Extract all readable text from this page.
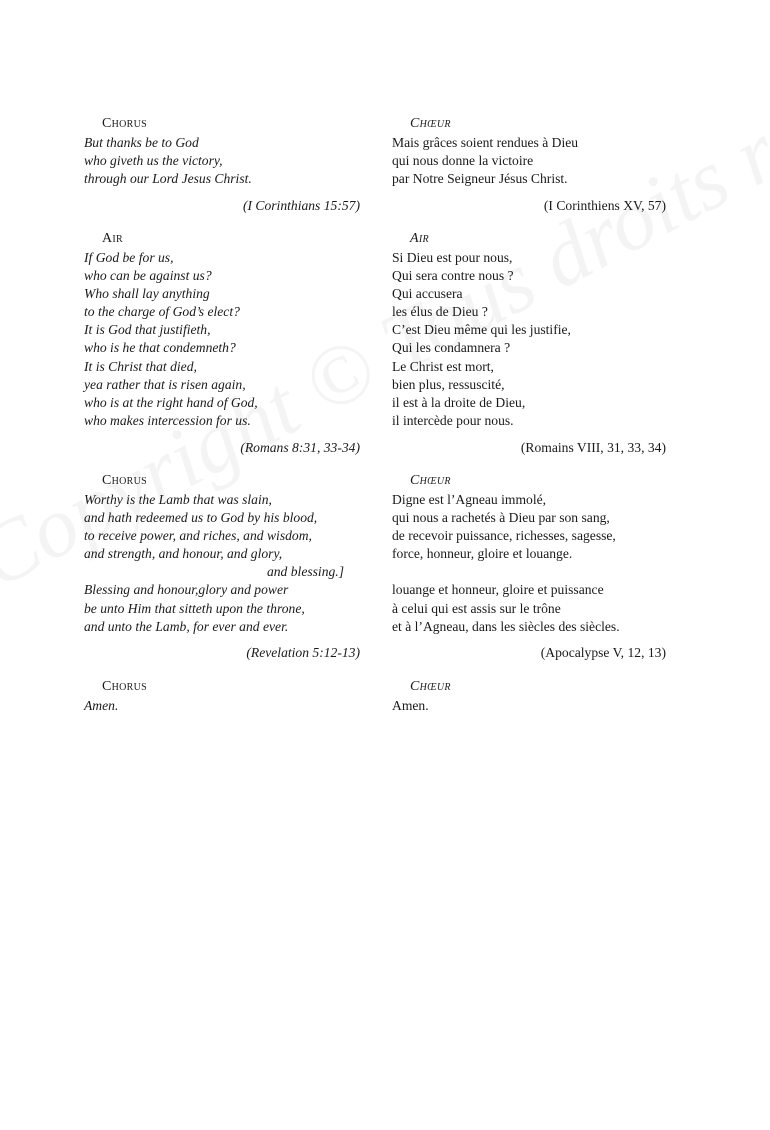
Chorus
But thanks be to God
who giveth us the victory,
through our Lord Jesus Christ.
(I Corinthians 15:57)
Air
If God be for us,
who can be against us?
Who shall lay anything
to the charge of God’s elect?
It is God that justifieth,
who is he that condemneth?
It is Christ that died,
yea rather that is risen again,
who is at the right hand of God,
who makes intercession for us.
(Romans 8:31, 33-34)
Chorus
Worthy is the Lamb that was slain,
and hath redeemed us to God by his blood,
to receive power, and riches, and wisdom,
and strength, and honour, and glory,
and blessing.]
Blessing and honour,glory and power
be unto Him that sitteth upon the throne,
and unto the Lamb, for ever and ever.
(Revelation 5:12-13)
Chorus
Amen.
Chœur
Mais grâces soient rendues à Dieu
qui nous donne la victoire
par Notre Seigneur Jésus Christ.
(I Corinthiens XV, 57)
Air
Si Dieu est pour nous,
Qui sera contre nous ?
Qui accusera
les élus de Dieu ?
C’est Dieu même qui les justifie,
Qui les condamnera ?
Le Christ est mort,
bien plus, ressuscité,
il est à la droite de Dieu,
il intercède pour nous.
(Romains VIII, 31, 33, 34)
Chœur
Digne est l’Agneau immolé,
qui nous a rachetés à Dieu par son sang,
de recevoir puissance, richesses, sagesse,
force, honneur, gloire et louange.
louange et honneur, gloire et puissance
à celui qui est assis sur le trône
et à l’Agneau, dans les siècles des siècles.
(Apocalypse V, 12, 13)
Chœur
Amen.
